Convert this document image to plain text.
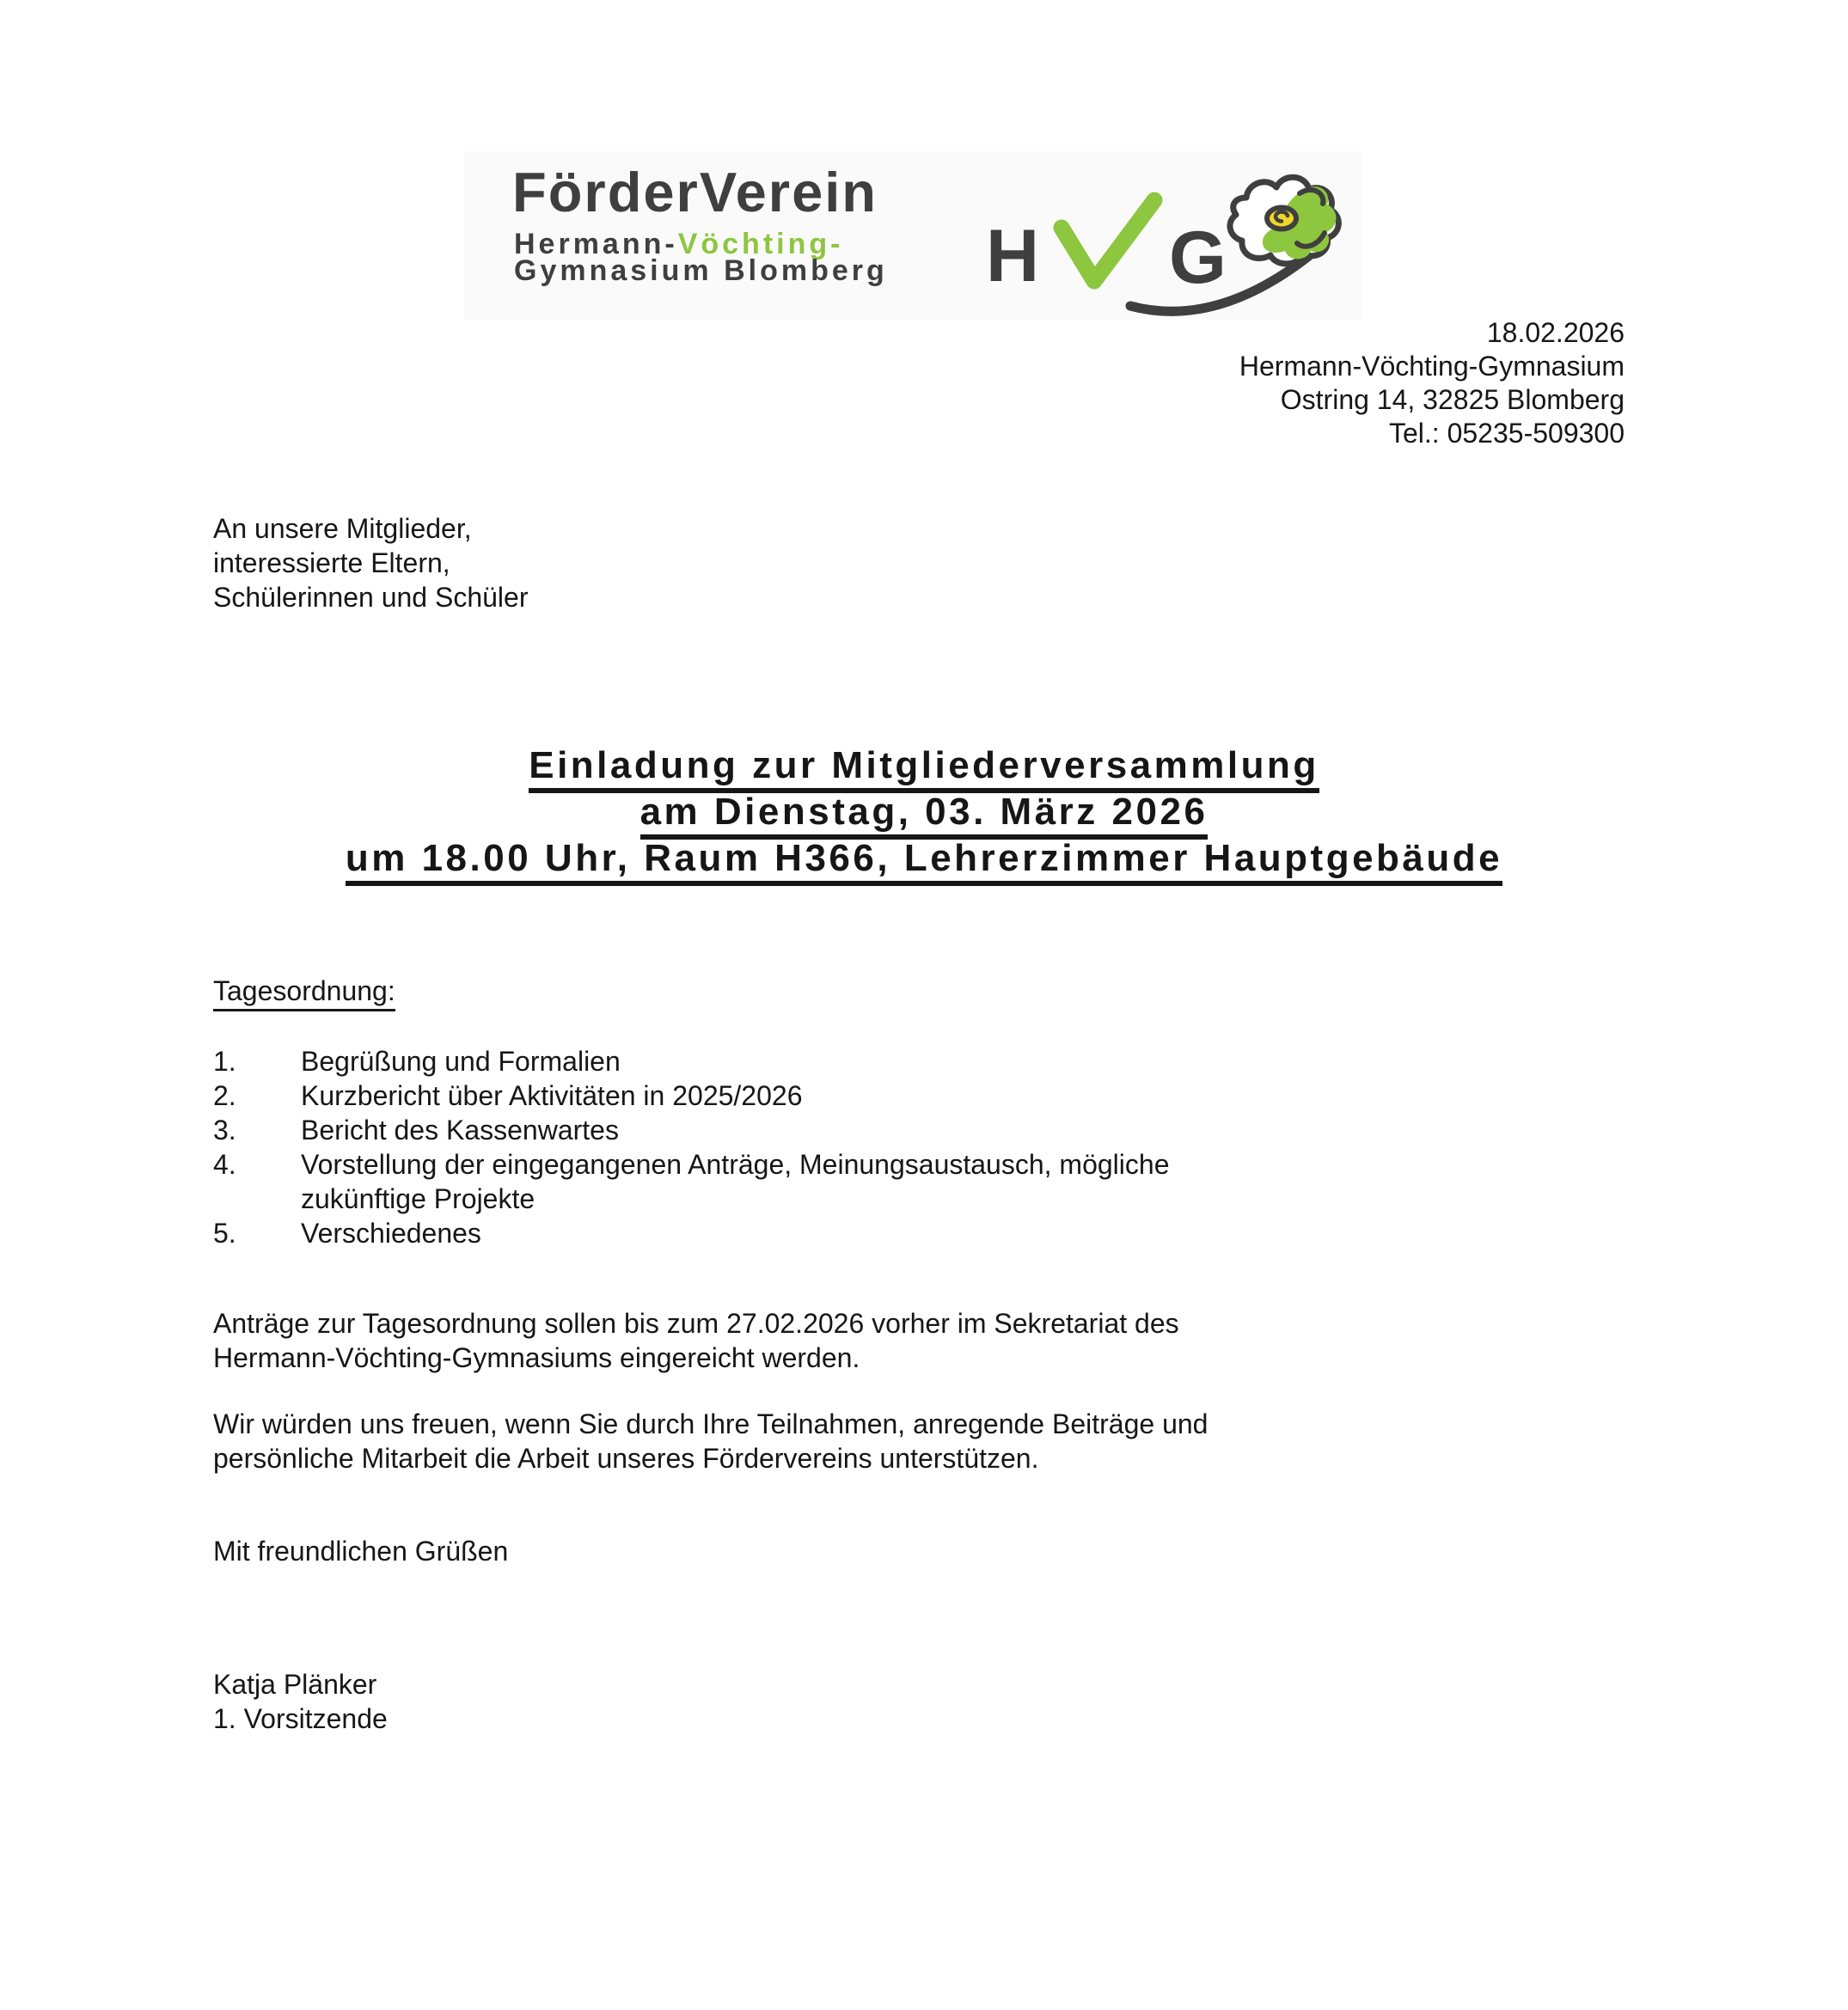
FörderVerein
Hermann-Vöchting-
Gymnasium Blomberg H G
18.02.2026
Hermann-Vöchting-Gymnasium
Ostring 14, 32825 Blomberg
Tel.: 05235-509300
An unsere Mitglieder,
interessierte Eltern,
Schülerinnen und Schüler
Einladung zur Mitgliederversammlung
am Dienstag, 03. März 2026
um 18.00 Uhr, Raum H366, Lehrerzimmer Hauptgebäude
Tagesordnung:
1.	Begrüßung und Formalien
2.	Kurzbericht über Aktivitäten in 2025/2026
3.	Bericht des Kassenwartes
4.	Vorstellung der eingegangenen Anträge, Meinungsaustausch, mögliche
zukünftige Projekte
5.	Verschiedenes
Anträge zur Tagesordnung sollen bis zum 27.02.2026 vorher im Sekretariat des
Hermann-Vöchting-Gymnasiums eingereicht werden.
Wir würden uns freuen, wenn Sie durch Ihre Teilnahmen, anregende Beiträge und
persönliche Mitarbeit die Arbeit unseres Fördervereins unterstützen.
Mit freundlichen Grüßen
Katja Plänker
1. Vorsitzende
